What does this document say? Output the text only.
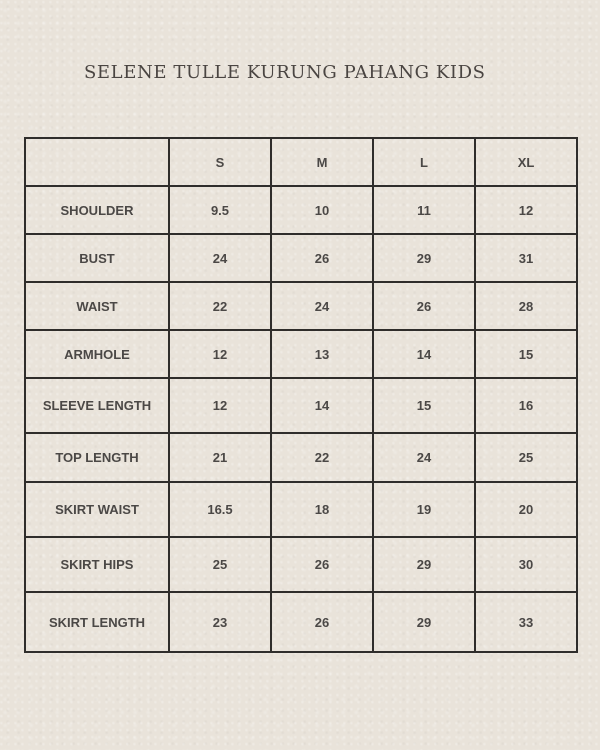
SELENE TULLE KURUNG PAHANG KIDS
	S	M	L	XL
SHOULDER	9.5	10	11	12
BUST	24	26	29	31
WAIST	22	24	26	28
ARMHOLE	12	13	14	15
SLEEVE LENGTH	12	14	15	16
TOP LENGTH	21	22	24	25
SKIRT WAIST	16.5	18	19	20
SKIRT HIPS	25	26	29	30
SKIRT LENGTH	23	26	29	33
